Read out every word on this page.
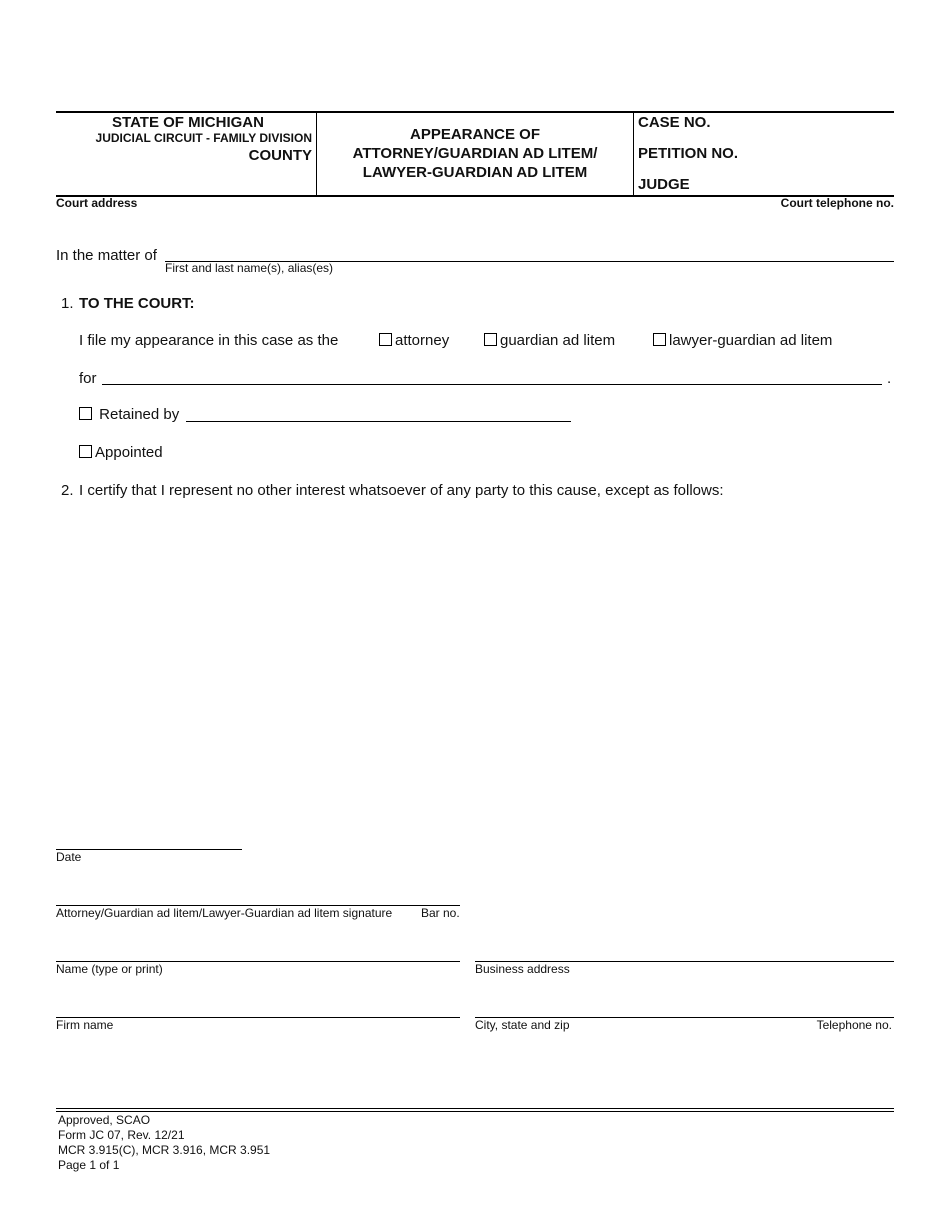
STATE OF MICHIGAN
JUDICIAL CIRCUIT - FAMILY DIVISION
COUNTY
APPEARANCE OF
ATTORNEY/GUARDIAN AD LITEM/
LAWYER-GUARDIAN AD LITEM
CASE NO.
PETITION NO.
JUDGE
Court address	Court telephone no.
In the matter of
First and last name(s), alias(es)
1. TO THE COURT:
I file my appearance in this case as the	attorney	guardian ad litem	lawyer-guardian ad litem
for	.
Retained by
Appointed
2. I certify that I represent no other interest whatsoever of any party to this cause, except as follows:
Date
Attorney/Guardian ad litem/Lawyer-Guardian ad litem signature Bar no.
Name (type or print)	Business address
Firm name	City, state and zip	Telephone no.
Approved, SCAO
Form JC 07, Rev. 12/21
MCR 3.915(C), MCR 3.916, MCR 3.951
Page 1 of 1
